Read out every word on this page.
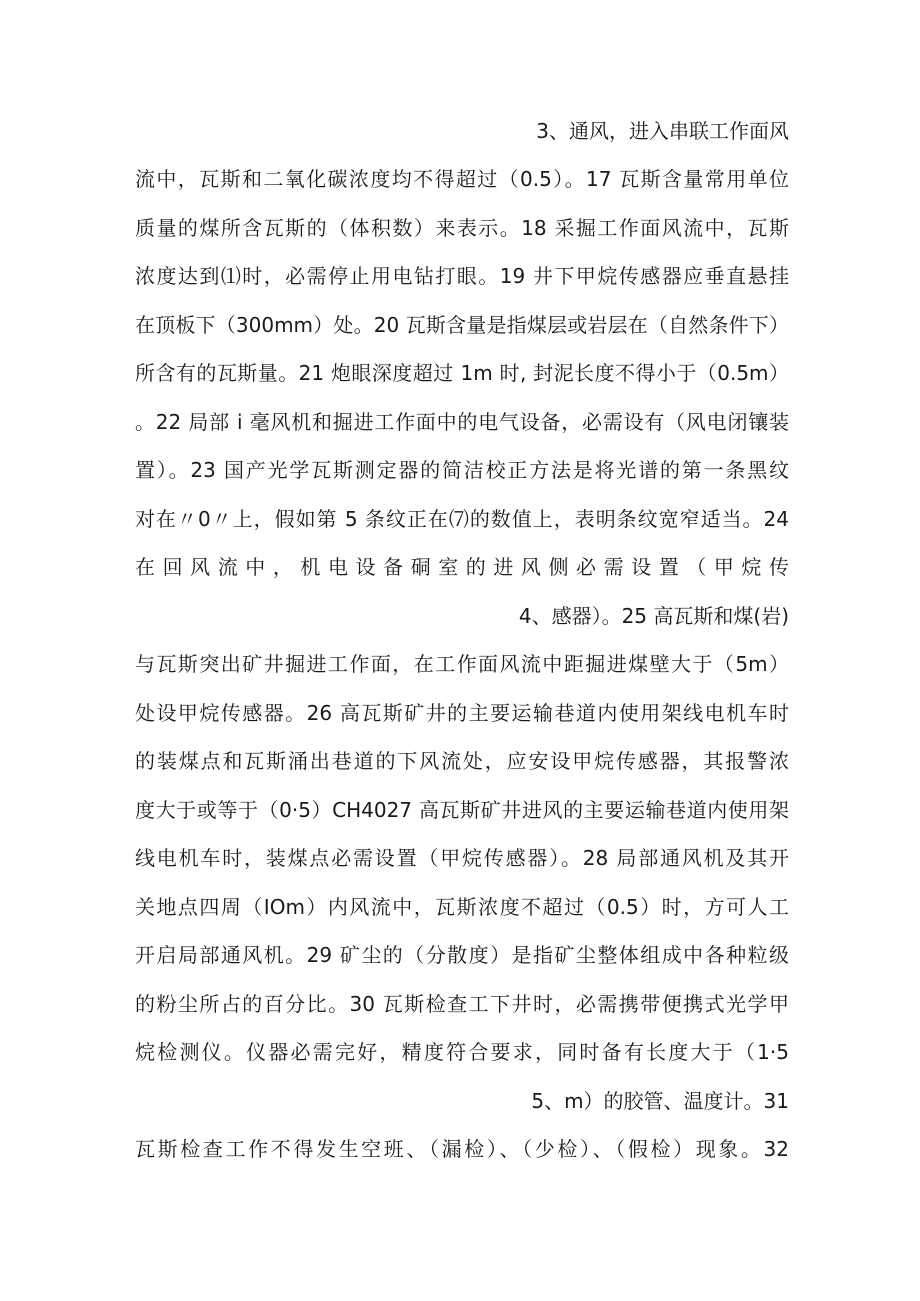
3、通风，进入串联工作面风
流中，瓦斯和二氧化碳浓度均不得超过（0.5）。17 瓦斯含量常用单位
质量的煤所含瓦斯的（体积数）来表示。18 采掘工作面风流中，瓦斯
浓度达到⑴时，必需停止用电钻打眼。19 井下甲烷传感器应垂直悬挂
在顶板下（300mm）处。20 瓦斯含量是指煤层或岩层在（自然条件下）
所含有的瓦斯量。21 炮眼深度超过 1m 时, 封泥长度不得小于（0.5m）
。22 局部 i 毫风机和掘进工作面中的电气设备，必需设有（风电闭镶装
置）。23 国产光学瓦斯测定器的简洁校正方法是将光谱的第一条黑纹
对在〃0〃上，假如第 5 条纹正在⑺的数值上，表明条纹宽窄适当。24
在回风流中，机电设备硐室的进风侧必需设置（甲烷传
4、感器）。25 高瓦斯和煤(岩)
与瓦斯突出矿井掘进工作面，在工作面风流中距掘进煤壁大于（5m）
处设甲烷传感器。26 高瓦斯矿井的主要运输巷道内使用架线电机车时
的装煤点和瓦斯涌出巷道的下风流处，应安设甲烷传感器，其报警浓
度大于或等于（0·5）CH4027 高瓦斯矿井进风的主要运输巷道内使用架
线电机车时，装煤点必需设置（甲烷传感器）。28 局部通风机及其开
关地点四周（IOm）内风流中，瓦斯浓度不超过（0.5）时，方可人工
开启局部通风机。29 矿尘的（分散度）是指矿尘整体组成中各种粒级
的粉尘所占的百分比。30 瓦斯检查工下井时，必需携带便携式光学甲
烷检测仪。仪器必需完好，精度符合要求，同时备有长度大于（1·5
5、m）的胶管、温度计。31
瓦斯检查工作不得发生空班、（漏检）、（少检）、（假检）现象。32
